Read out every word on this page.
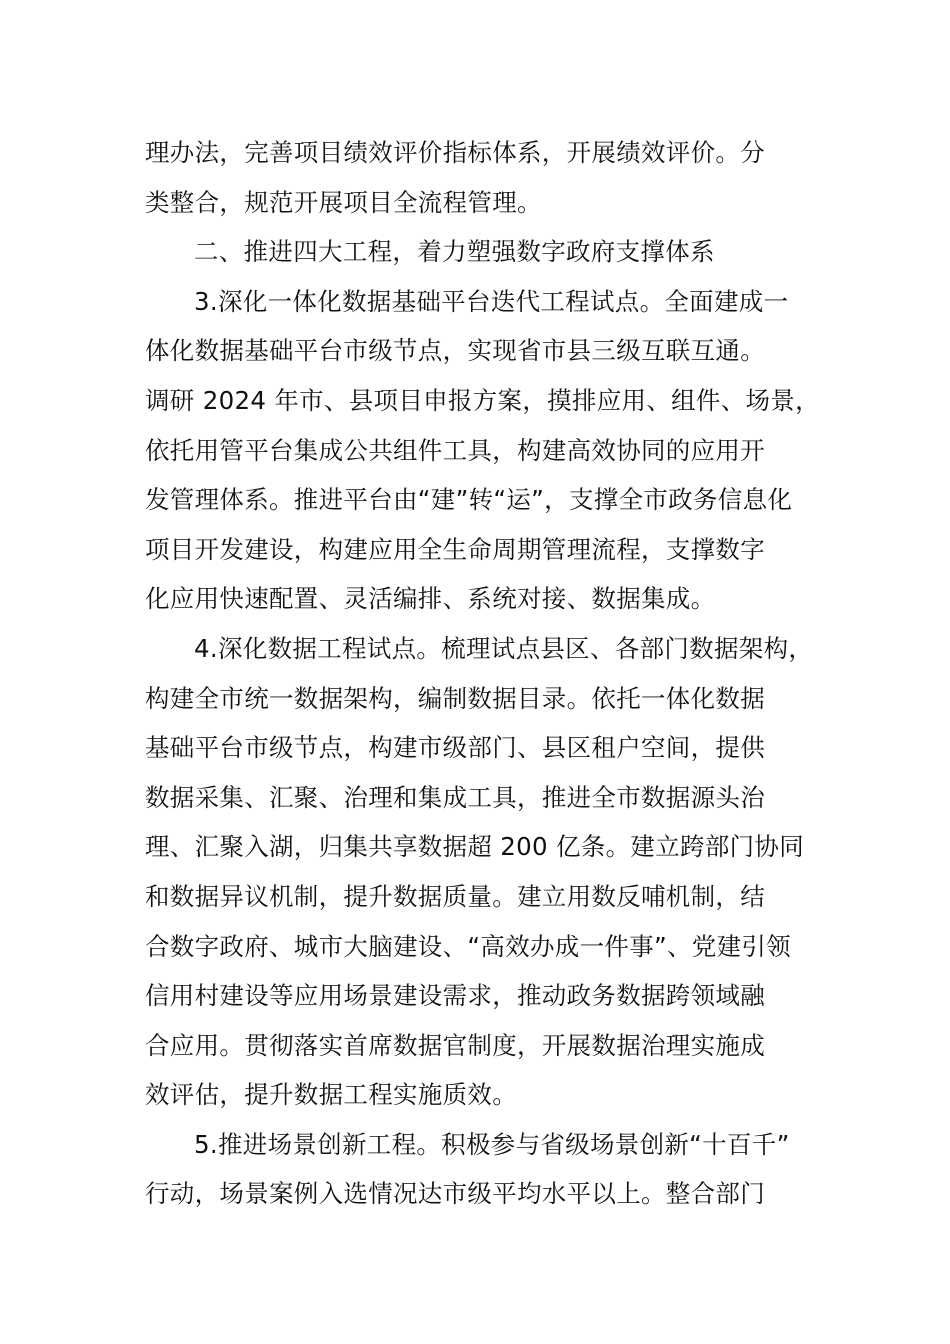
理办法，完善项目绩效评价指标体系，开展绩效评价。分
类整合，规范开展项目全流程管理。
二、推进四大工程，着力塑强数字政府支撑体系
3.深化一体化数据基础平台迭代工程试点。全面建成一
体化数据基础平台市级节点，实现省市县三级互联互通。
调研 2024 年市、县项目申报方案，摸排应用、组件、场景，
依托用管平台集成公共组件工具，构建高效协同的应用开
发管理体系。推进平台由“建”转“运”，支撑全市政务信息化
项目开发建设，构建应用全生命周期管理流程，支撑数字
化应用快速配置、灵活编排、系统对接、数据集成。
4.深化数据工程试点。梳理试点县区、各部门数据架构，
构建全市统一数据架构，编制数据目录。依托一体化数据
基础平台市级节点，构建市级部门、县区租户空间，提供
数据采集、汇聚、治理和集成工具，推进全市数据源头治
理、汇聚入湖，归集共享数据超 200 亿条。建立跨部门协同
和数据异议机制，提升数据质量。建立用数反哺机制，结
合数字政府、城市大脑建设、“高效办成一件事”、党建引领
信用村建设等应用场景建设需求，推动政务数据跨领域融
合应用。贯彻落实首席数据官制度，开展数据治理实施成
效评估，提升数据工程实施质效。
5.推进场景创新工程。积极参与省级场景创新“十百千”
行动，场景案例入选情况达市级平均水平以上。整合部门
